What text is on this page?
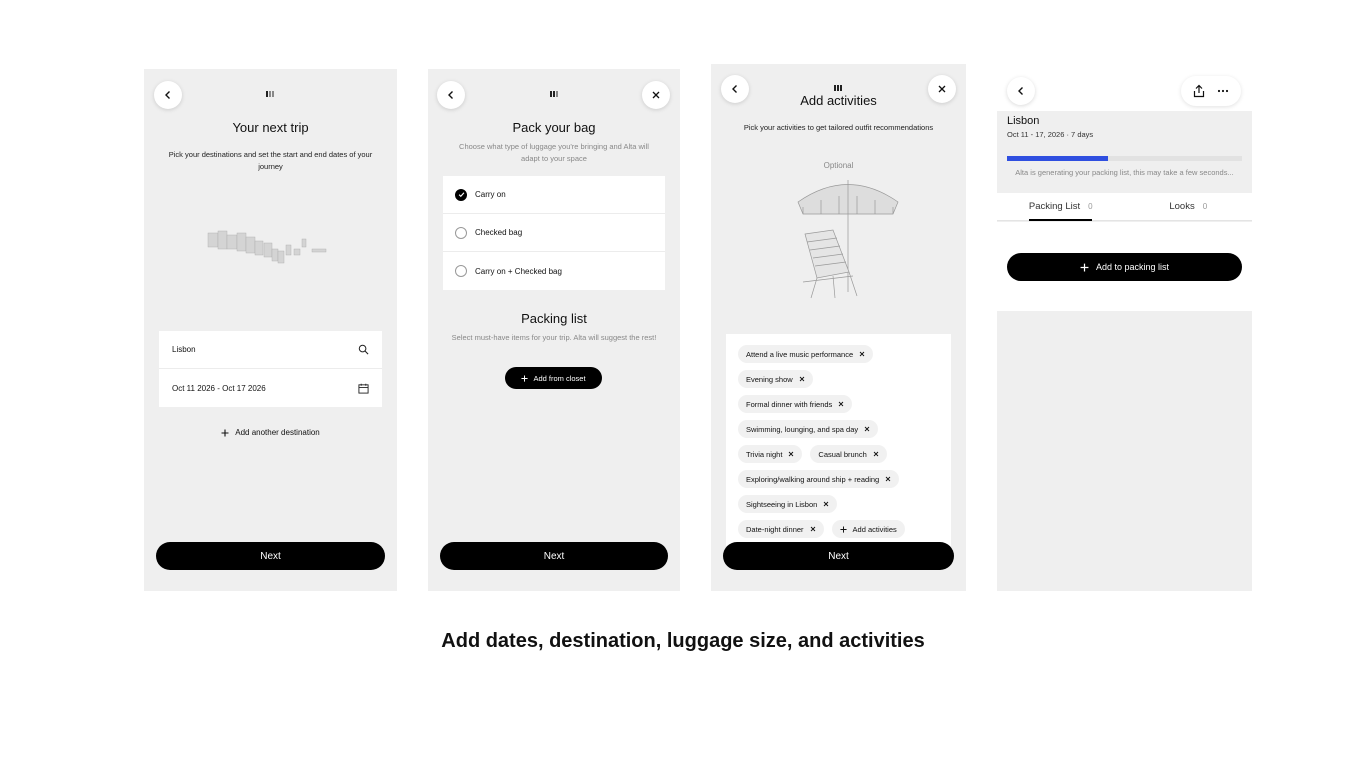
Your next trip
Pick your destinations and set the start and end dates of your journey
Lisbon
Oct 11 2026 - Oct 17 2026
Add another destination
Next
Pack your bag
Choose what type of luggage you're bringing and Alta will adapt to your space
Carry on
Checked bag
Carry on + Checked bag
Packing list
Select must-have items for your trip. Alta will suggest the rest!
Add from closet
Next
Add activities
Pick your activities to get tailored outfit recommendations
Optional
Attend a live music performance
Evening show
Formal dinner with friends
Swimming, lounging, and spa day
Trivia night	Casual brunch
Exploring/walking around ship + reading
Sightseeing in Lisbon
Date-night dinner	Add activities
Next
Lisbon
Oct 11 - 17, 2026 · 7 days
Alta is generating your packing list, this may take a few seconds...
Packing List 0	Looks 0
Add to packing list
Add dates, destination, luggage size, and activities
